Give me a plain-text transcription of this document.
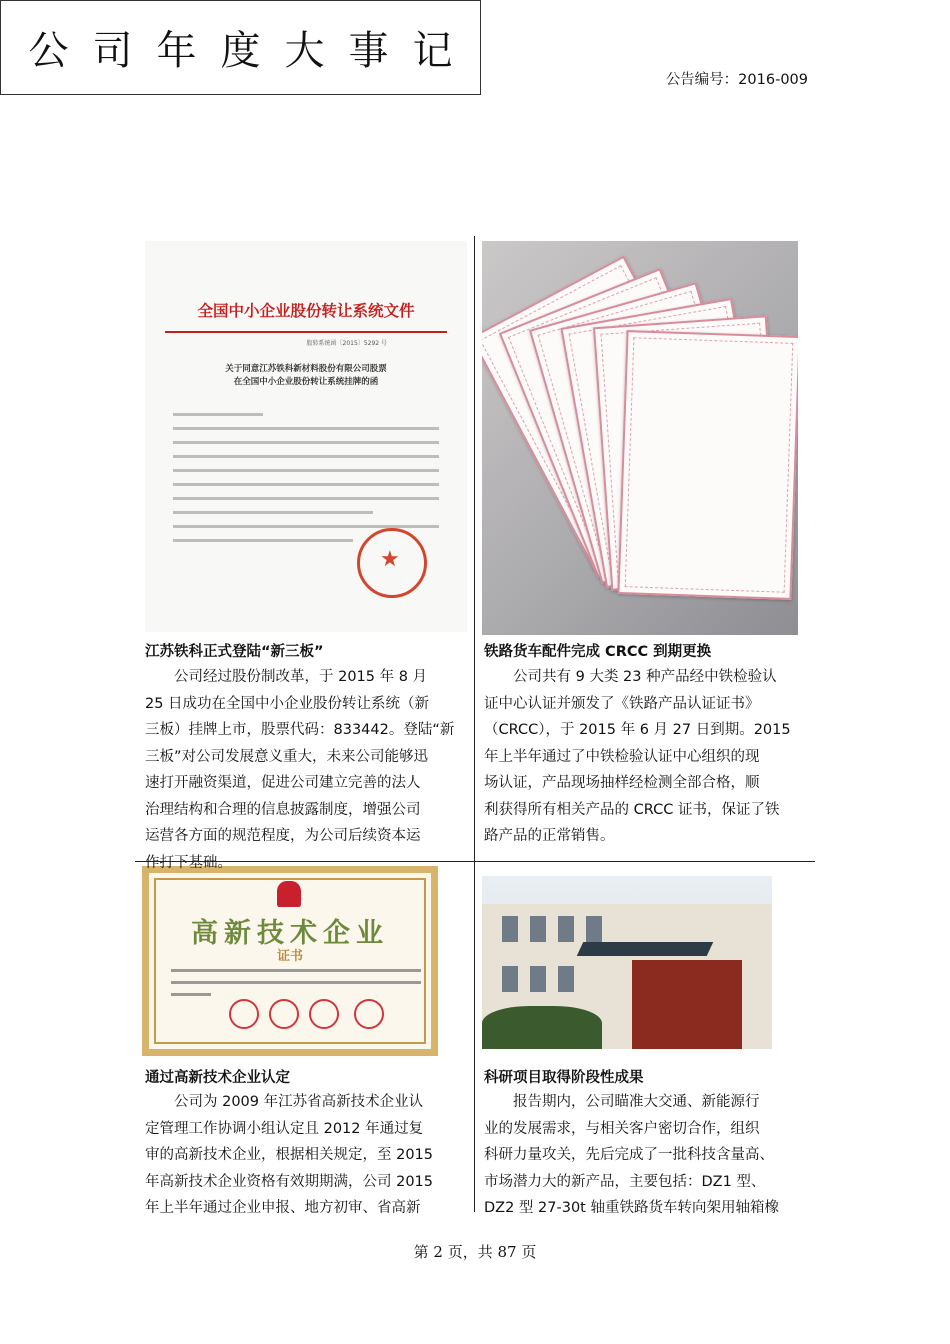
公告编号：2016-009
公司年度大事记
全国中小企业股份转让系统文件
股转系统函〔2015〕5292 号
关于同意江苏铁科新材料股份有限公司股票
在全国中小企业股份转让系统挂牌的函
★
高新技术企业
证书
江苏铁科正式登陆“新三板”
公司经过股份制改革，于 2015 年 8 月
25 日成功在全国中小企业股份转让系统（新
三板）挂牌上市，股票代码：833442。登陆“新
三板”对公司发展意义重大，未来公司能够迅
速打开融资渠道，促进公司建立完善的法人
治理结构和合理的信息披露制度，增强公司
运营各方面的规范程度，为公司后续资本运
作打下基础。
铁路货车配件完成 CRCC 到期更换
公司共有 9 大类 23 种产品经中铁检验认
证中心认证并颁发了《铁路产品认证证书》
（CRCC），于 2015 年 6 月 27 日到期。2015
年上半年通过了中铁检验认证中心组织的现
场认证，产品现场抽样经检测全部合格，顺
利获得所有相关产品的 CRCC 证书，保证了铁
路产品的正常销售。
通过高新技术企业认定
公司为 2009 年江苏省高新技术企业认
定管理工作协调小组认定且 2012 年通过复
审的高新技术企业，根据相关规定，至 2015
年高新技术企业资格有效期期满，公司 2015
年上半年通过企业申报、地方初审、省高新
科研项目取得阶段性成果
报告期内，公司瞄准大交通、新能源行
业的发展需求，与相关客户密切合作，组织
科研力量攻关，先后完成了一批科技含量高、
市场潜力大的新产品，主要包括：DZ1 型、
DZ2 型 27-30t 轴重铁路货车转向架用轴箱橡
第 2 页，共 87 页
